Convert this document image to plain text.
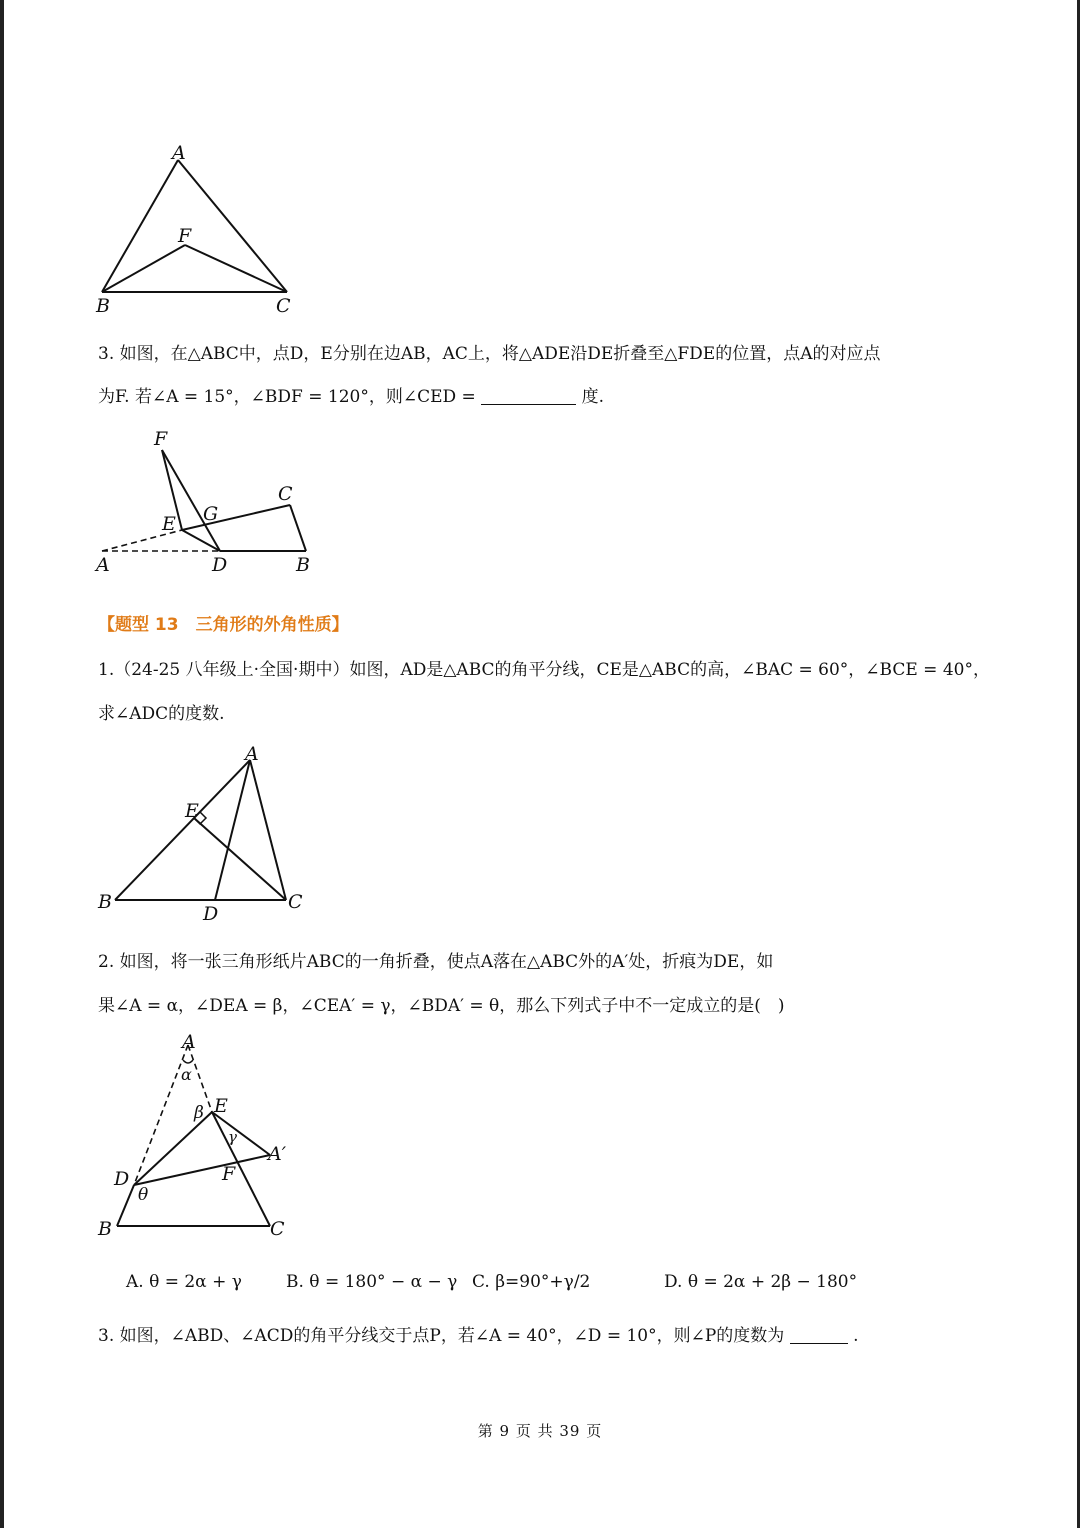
A
F
B	C
3. 如图，在△ABC中，点D，E分别在边AB，AC上，将△ADE沿DE折叠至△FDE的位置，点A的对应点
为F. 若∠A = 15°，∠BDF = 120°，则∠CED =	度.
F
C
G
E
A	D	B
【题型 13　三角形的外角性质】
1.（24-25 八年级上·全国·期中）如图，AD是△ABC的角平分线，CE是△ABC的高，∠BAC = 60°，∠BCE = 40°，
求∠ADC的度数.
A
E
B
D
C
2. 如图，将一张三角形纸片ABC的一角折叠，使点A落在△ABC外的A′处，折痕为DE，如
果∠A = α，∠DEA = β，∠CEA′ = γ，∠BDA′ = θ，那么下列式子中不一定成立的是(　)
A
α
β E
γ
A′
F
D
θ
B	C
A. θ = 2α + γ	B. θ = 180° − α − γ C. β=90°+γ/2	D. θ = 2α + 2β − 180°
3. 如图，∠ABD、∠ACD的角平分线交于点P，若∠A = 40°，∠D = 10°，则∠P的度数为	.
第 9 页 共 39 页
